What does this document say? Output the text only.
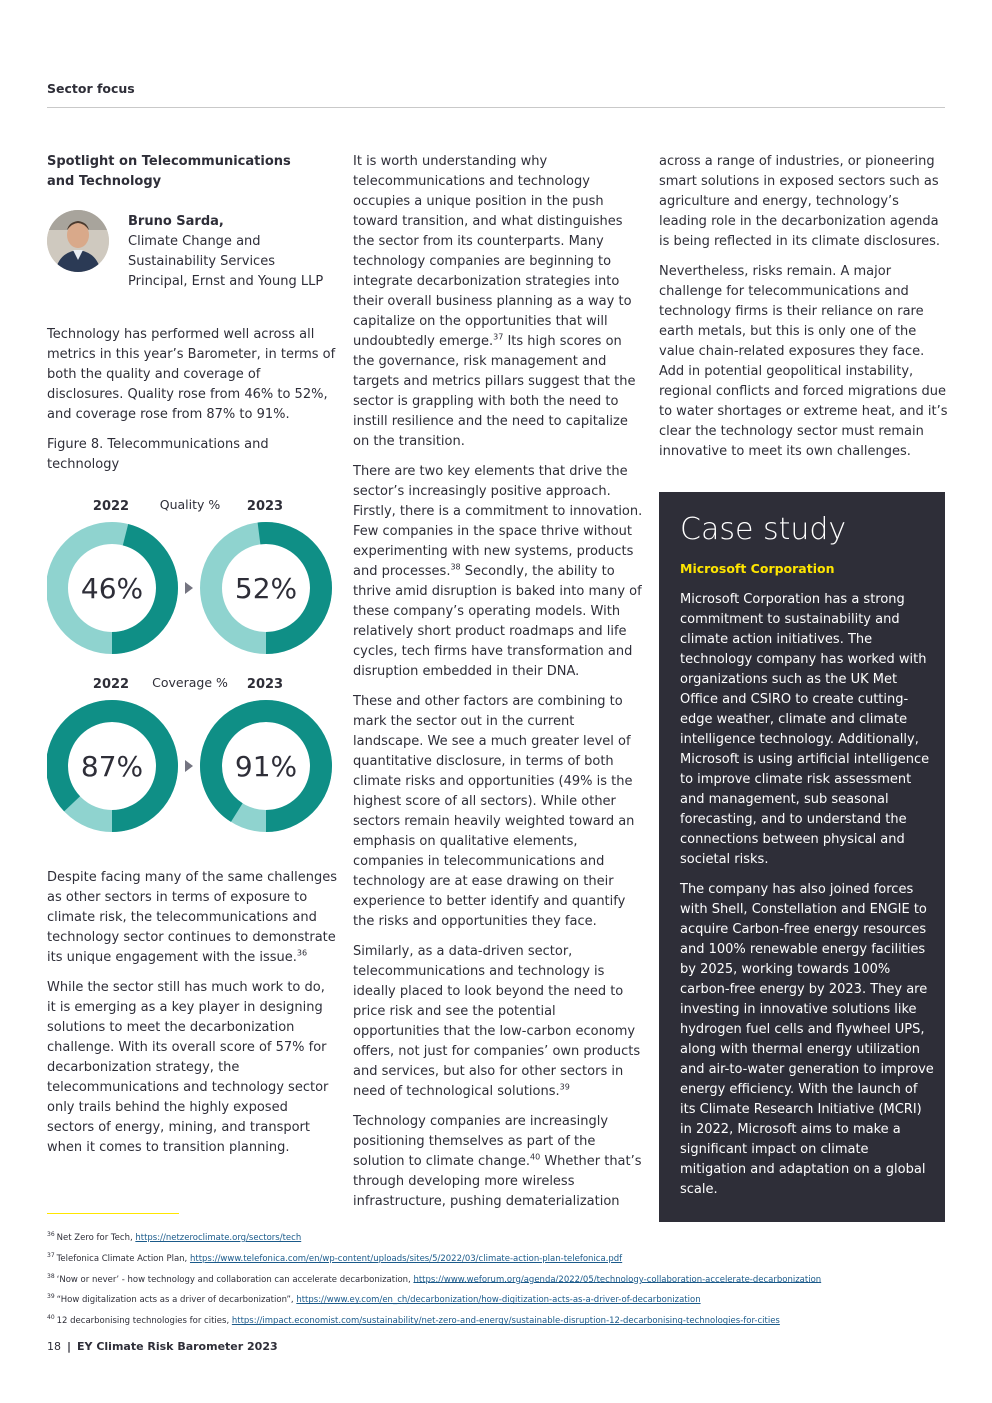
Sector focus
Spotlight on Telecommunications
and Technology
Bruno Sarda,
Climate Change and
Sustainability Services
Principal, Ernst and Young LLP

Technology has performed well across all metrics in this year’s Barometer, in terms of both the quality and coverage of disclosures. Quality rose from 46% to 52%, and coverage rose from 87% to 91%.

Figure 8. Telecommunications and technology
2022	2023
Quality %
46%	52%
2022	2023
Coverage %
87%	91%

Despite facing many of the same challenges as other sectors in terms of exposure to climate risk, the telecommunications and technology sector continues to demonstrate its unique engagement with the issue.$^{36}$

While the sector still has much work to do, it is emerging as a key player in designing solutions to meet the decarbonization challenge. With its overall score of 57% for decarbonization strategy, the telecommunications and technology sector only trails behind the highly exposed sectors of energy, mining, and transport when it comes to transition planning.

It is worth understanding why telecommunications and technology occupies a unique position in the push toward transition, and what distinguishes the sector from its counterparts. Many technology companies are beginning to integrate decarbonization strategies into their overall business planning as a way to capitalize on the opportunities that will undoubtedly emerge.$^{37}$ Its high scores on the governance, risk management and targets and metrics pillars suggest that the sector is grappling with both the need to instill resilience and the need to capitalize on the transition.

There are two key elements that drive the sector’s increasingly positive approach. Firstly, there is a commitment to innovation. Few companies in the space thrive without experimenting with new systems, products and processes.$^{38}$ Secondly, the ability to thrive amid disruption is baked into many of these company’s operating models. With relatively short product roadmaps and life cycles, tech firms have transformation and disruption embedded in their DNA.

These and other factors are combining to mark the sector out in the current landscape. We see a much greater level of quantitative disclosure, in terms of both climate risks and opportunities (49% is the highest score of all sectors). While other sectors remain heavily weighted toward an emphasis on qualitative elements, companies in telecommunications and technology are at ease drawing on their experience to better identify and quantify the risks and opportunities they face.

Similarly, as a data-driven sector, telecommunications and technology is ideally placed to look beyond the need to price risk and see the potential opportunities that the low-carbon economy offers, not just for companies’ own products and services, but also for other sectors in need of technological solutions.$^{39}$

Technology companies are increasingly positioning themselves as part of the solution to climate change.$^{40}$ Whether that’s through developing more wireless infrastructure, pushing dematerialization

across a range of industries, or pioneering smart solutions in exposed sectors such as agriculture and energy, technology’s leading role in the decarbonization agenda is being reflected in its climate disclosures.

Nevertheless, risks remain. A major challenge for telecommunications and technology firms is their reliance on rare earth metals, but this is only one of the value chain-related exposures they face. Add in potential geopolitical instability, regional conflicts and forced migrations due to water shortages or extreme heat, and it’s clear the technology sector must remain innovative to meet its own challenges.

Case study
Microsoft Corporation

Microsoft Corporation has a strong commitment to sustainability and climate action initiatives. The technology company has worked with organizations such as the UK Met Office and CSIRO to create cutting-edge weather, climate and climate intelligence technology. Additionally, Microsoft is using artificial intelligence to improve climate risk assessment and management, sub seasonal forecasting, and to understand the connections between physical and societal risks.

The company has also joined forces with Shell, Constellation and ENGIE to acquire Carbon-free energy resources and 100% renewable energy facilities by 2025, working towards 100% carbon-free energy by 2023. They are investing in innovative solutions like hydrogen fuel cells and flywheel UPS, along with thermal energy utilization and air-to-water generation to improve energy efficiency. With the launch of its Climate Research Initiative (MCRI) in 2022, Microsoft aims to make a significant impact on climate mitigation and adaptation on a global scale.

$^{36}$ Net Zero for Tech, https://netzeroclimate.org/sectors/tech
$^{37}$ Telefonica Climate Action Plan, https://www.telefonica.com/en/wp-content/uploads/sites/5/2022/03/climate-action-plan-telefonica.pdf
$^{38}$ ‘Now or never’ - how technology and collaboration can accelerate decarbonization, https://www.weforum.org/agenda/2022/05/technology-collaboration-accelerate-decarbonization
$^{39}$ “How digitalization acts as a driver of decarbonization”, https://www.ey.com/en_ch/decarbonization/how-digitization-acts-as-a-driver-of-decarbonization
$^{40}$ 12 decarbonising technologies for cities, https://impact.economist.com/sustainability/net-zero-and-energy/sustainable-disruption-12-decarbonising-technologies-for-cities
18 | EY Climate Risk Barometer 2023
